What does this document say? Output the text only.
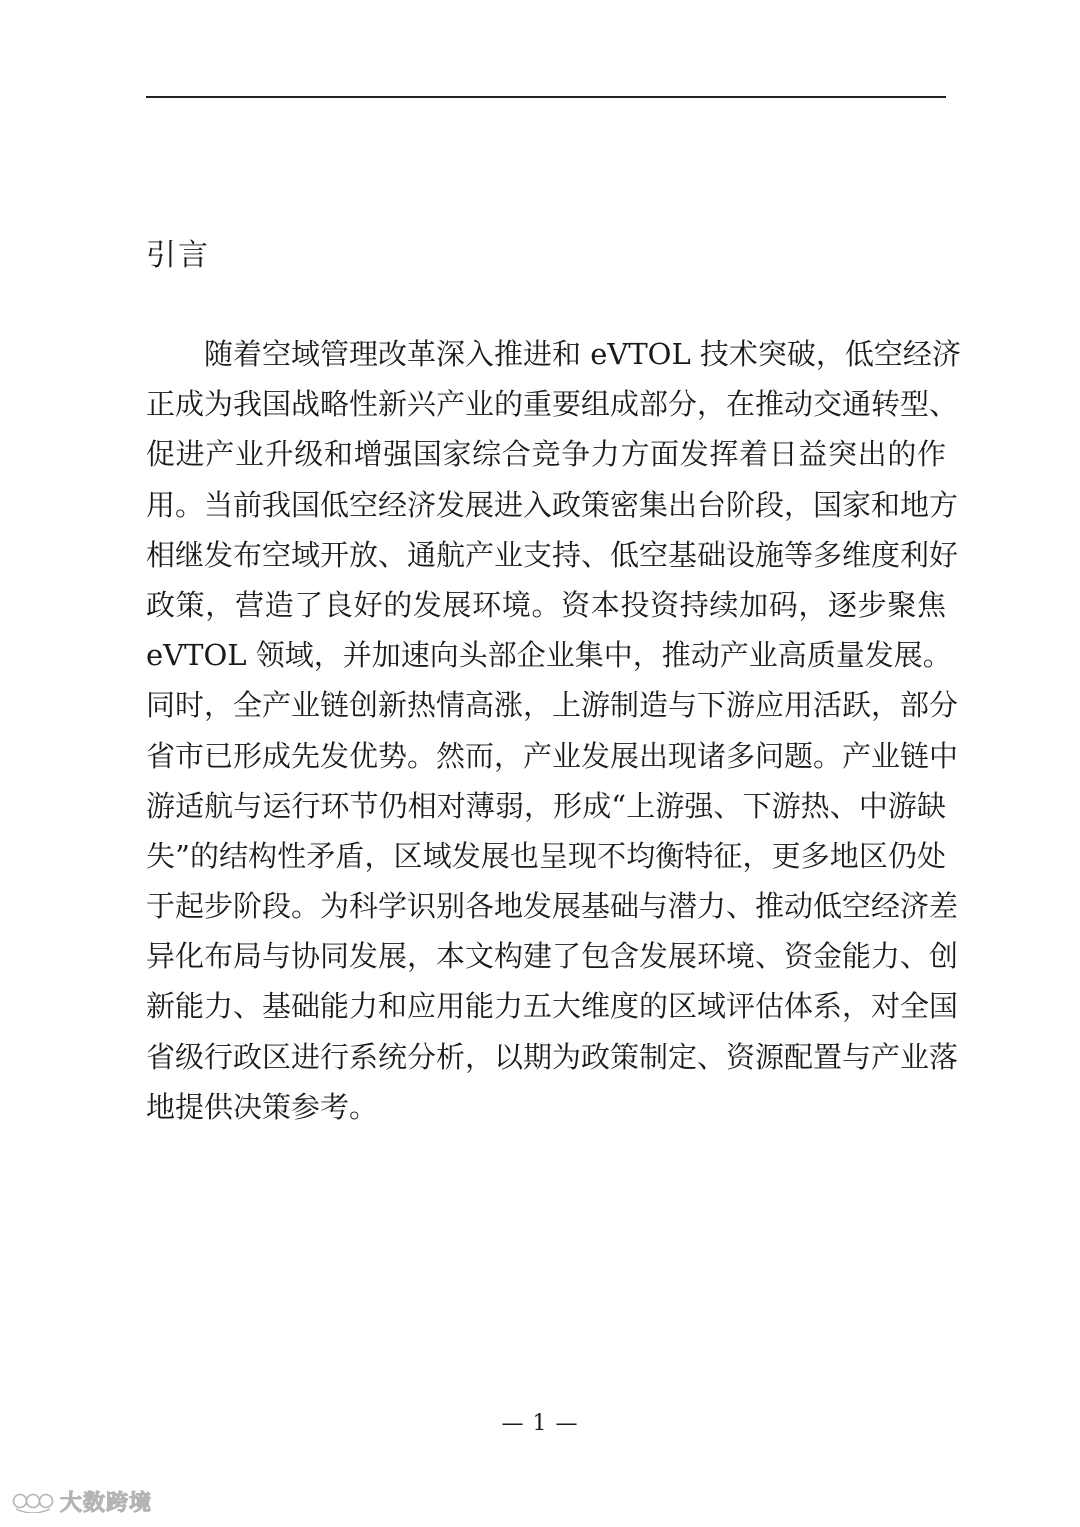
引言
随着空域管理改革深入推进和 eVTOL 技术突破，低空经济
正成为我国战略性新兴产业的重要组成部分，在推动交通转型、
促进产业升级和增强国家综合竞争力方面发挥着日益突出的作
用。当前我国低空经济发展进入政策密集出台阶段，国家和地方
相继发布空域开放、通航产业支持、低空基础设施等多维度利好
政策，营造了良好的发展环境。资本投资持续加码，逐步聚焦
eVTOL 领域，并加速向头部企业集中，推动产业高质量发展。
同时，全产业链创新热情高涨，上游制造与下游应用活跃，部分
省市已形成先发优势。然而，产业发展出现诸多问题。产业链中
游适航与运行环节仍相对薄弱，形成“上游强、下游热、中游缺
失”的结构性矛盾，区域发展也呈现不均衡特征，更多地区仍处
于起步阶段。为科学识别各地发展基础与潜力、推动低空经济差
异化布局与协同发展，本文构建了包含发展环境、资金能力、创
新能力、基础能力和应用能力五大维度的区域评估体系，对全国
省级行政区进行系统分析，以期为政策制定、资源配置与产业落
地提供决策参考。
— 1 —
大数跨境
